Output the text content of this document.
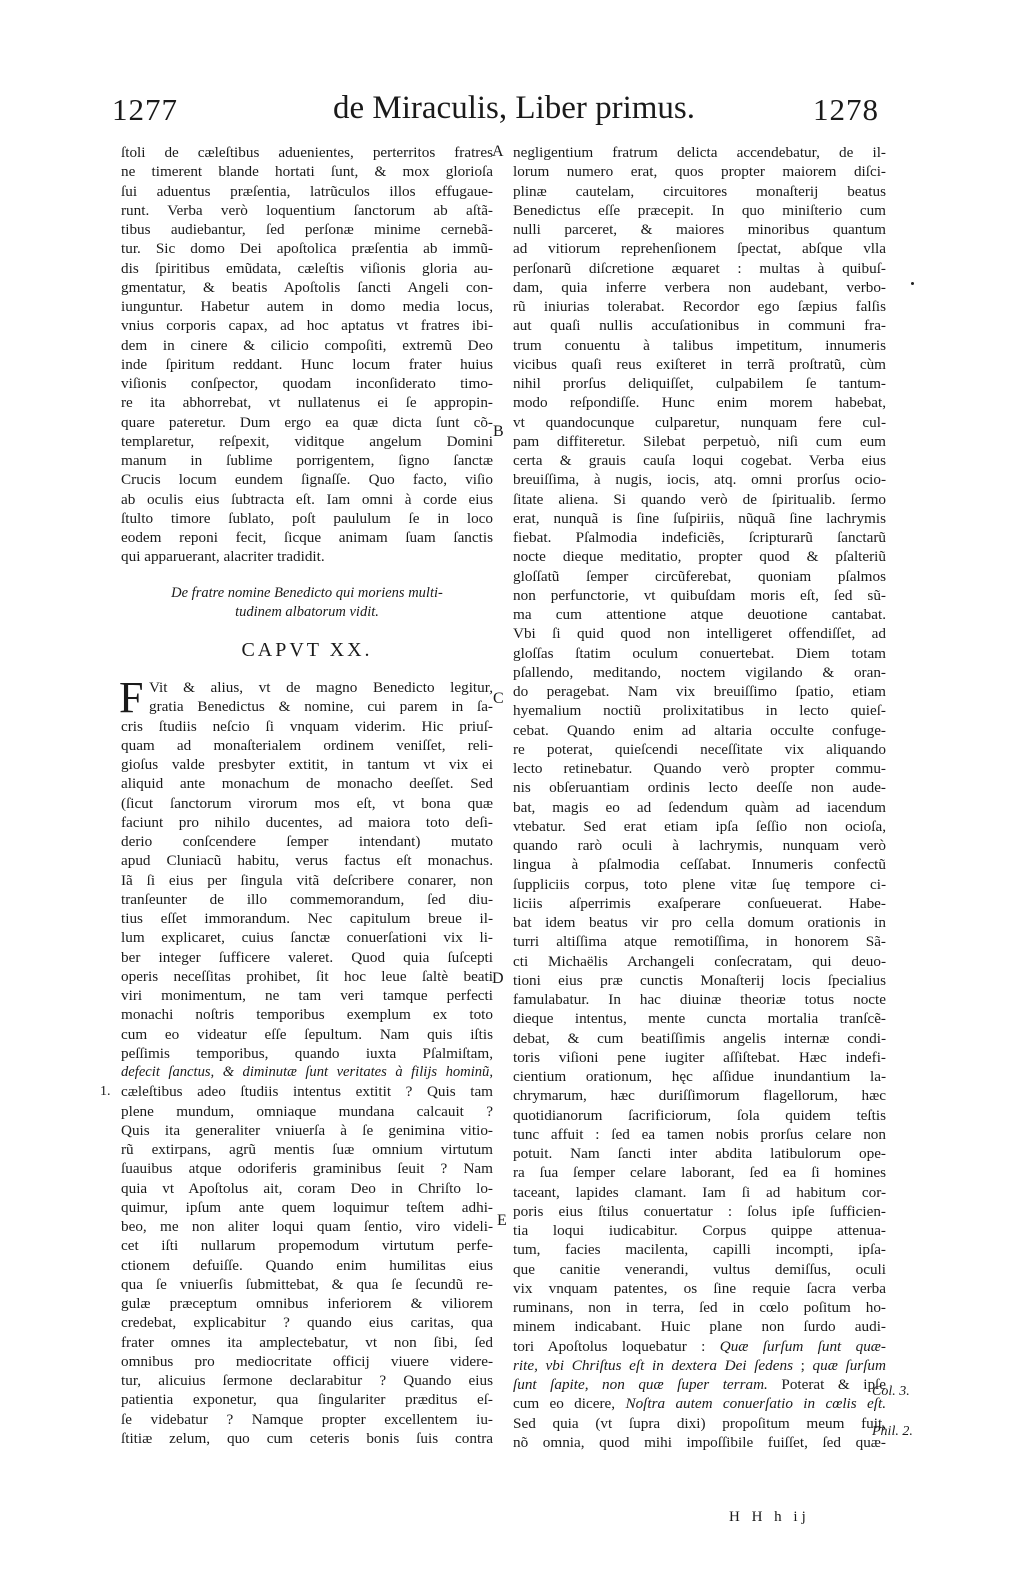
1277	de Miraculis, Liber primus.	1278
ſtoli de cæleſtibus aduenientes, perterritos fratres
ne timerent blande hortati ſunt, & mox glorioſa
ſui aduentus præſentia, latrũculos illos effugaue-
runt. Verba verò loquentium ſanctorum ab aſtã-
tibus audiebantur, ſed perſonæ minime cernebã-
tur. Sic domo Dei apoſtolica præſentia ab immũ-
dis ſpiritibus emũdata, cæleſtis viſionis gloria au-
gmentatur, & beatis Apoſtolis ſancti Angeli con-
iunguntur. Habetur autem in domo media locus,
vnius corporis capax, ad hoc aptatus vt fratres ibi-
dem in cinere & cilicio compoſiti, extremũ Deo
inde ſpiritum reddant. Hunc locum frater huius
viſionis conſpector, quodam inconſiderato timo-
re ita abhorrebat, vt nullatenus ei ſe appropin-
quare pateretur. Dum ergo ea quæ dicta ſunt cõ-
templaretur, reſpexit, viditque angelum Domini
manum in ſublime porrigentem, ſigno ſanctæ
Crucis locum eundem ſignaſſe. Quo facto, viſio
ab oculis eius ſubtracta eſt. Iam omni à corde eius
ſtulto timore ſublato, poſt paululum ſe in loco
eodem reponi fecit, ſicque animam ſuam ſanctis
qui apparuerant, alacriter tradidit.
De fratre nomine Benedicto qui moriens multi-
tudinem albatorum vidit.
CAPVT XX.
F Vit & alius, vt de magno Benedicto legitur,
gratia Benedictus & nomine, cui parem in ſa-
cris ſtudiis neſcio ſi vnquam viderim. Hic priuſ-
quam ad monaſterialem ordinem veniſſet, reli-
gioſus valde presbyter extitit, in tantum vt vix ei
aliquid ante monachum de monacho deeſſet. Sed
(ſicut ſanctorum virorum mos eſt, vt bona quæ
faciunt pro nihilo ducentes, ad maiora toto deſi-
derio conſcendere ſemper intendant) mutato
apud Cluniacũ habitu, verus factus eſt monachus.
Iã ſi eius per ſingula vitã deſcribere conarer, non
tranſeunter de illo commemorandum, ſed diu-
tius eſſet immorandum. Nec capitulum breue il-
lum explicaret, cuius ſanctæ conuerſationi vix li-
ber integer ſufficere valeret. Quod quia ſuſcepti
operis neceſſitas prohibet, ſit hoc leue ſaltè beati
viri monimentum, ne tam veri tamque perfecti
monachi noſtris temporibus exemplum ex toto
cum eo videatur eſſe ſepultum. Nam quis iſtis
peſſimis temporibus, quando iuxta Pſalmiſtam,
defecit ſanctus, & diminutæ ſunt veritates à filijs hominũ,
cæleſtibus adeo ſtudiis intentus extitit ? Quis tam
plene mundum, omniaque mundana calcauit ?
Quis ita generaliter vniuerſa à ſe genimina vitio-
rũ extirpans, agrũ mentis ſuæ omnium virtutum
ſuauibus atque odoriferis graminibus ſeuit ? Nam
quia vt Apoſtolus ait, coram Deo in Chriſto lo-
quimur, ipſum ante quem loquimur teſtem adhi-
beo, me non aliter loqui quam ſentio, viro videli-
cet iſti nullarum propemodum virtutum perfe-
ctionem defuiſſe. Quando enim humilitas eius
qua ſe vniuerſis ſubmittebat, & qua ſe ſecundũ re-
gulæ præceptum omnibus inferiorem & viliorem
credebat, explicabitur ? quando eius caritas, qua
frater omnes ita amplectebatur, vt non ſibi, ſed
omnibus pro mediocritate officij viuere videre-
tur, alicuius ſermone declarabitur ? Quando eius
patientia exponetur, qua ſingulariter præditus eſ-
ſe videbatur ? Namque propter excellentem iu-
ſtitiæ zelum, quo cum ceteris bonis ſuis contra
negligentium fratrum delicta accendebatur, de il-
lorum numero erat, quos propter maiorem diſci-
plinæ cautelam, circuitores monaſterij beatus
Benedictus eſſe præcepit. In quo miniſterio cum
nulli parceret, & maiores minoribus quantum
ad vitiorum reprehenſionem ſpectat, abſque vlla
perſonarũ diſcretione æquaret : multas à quibuſ-
dam, quia inferre verbera non audebant, verbo-
rũ iniurias tolerabat. Recordor ego ſæpius falſis
aut quaſi nullis accuſationibus in communi fra-
trum conuentu à talibus impetitum, innumeris
vicibus quaſi reus exiſteret in terrã proſtratũ, cùm
nihil prorſus deliquiſſet, culpabilem ſe tantum-
modo reſpondiſſe. Hunc enim morem habebat,
vt quandocunque culparetur, nunquam fere cul-
pam diffiteretur. Silebat perpetuò, niſi cum eum
certa & grauis cauſa loqui cogebat. Verba eius
breuiſſima, à nugis, iocis, atq. omni prorſus ocio-
ſitate aliena. Si quando verò de ſpiritualib. ſermo
erat, nunquã is ſine ſuſpiriis, nũquã ſine lachrymis
fiebat. Pſalmodia indeficiẽs, ſcripturarũ ſanctarũ
nocte dieque meditatio, propter quod & pſalteriũ
gloſſatũ ſemper circũferebat, quoniam pſalmos
non perfunctorie, vt quibuſdam moris eſt, ſed sũ-
ma cum attentione atque deuotione cantabat.
Vbi ſi quid quod non intelligeret offendiſſet, ad
gloſſas ſtatim oculum conuertebat. Diem totam
pſallendo, meditando, noctem vigilando & oran-
do peragebat. Nam vix breuiſſimo ſpatio, etiam
hyemalium noctiũ prolixitatibus in lecto quieſ-
cebat. Quando enim ad altaria occulte confuge-
re poterat, quieſcendi neceſſitate vix aliquando
lecto retinebatur. Quando verò propter commu-
nis obſeruantiam ordinis lecto deeſſe non aude-
bat, magis eo ad ſedendum quàm ad iacendum
vtebatur. Sed erat etiam ipſa ſeſſio non ocioſa,
quando rarò oculi à lachrymis, nunquam verò
lingua à pſalmodia ceſſabat. Innumeris confectũ
ſuppliciis corpus, toto plene vitæ ſuę tempore ci-
liciis aſperrimis exaſperare conſueuerat. Habe-
bat idem beatus vir pro cella domum orationis in
turri altiſſima atque remotiſſima, in honorem Sã-
cti Michaëlis Archangeli conſecratam, qui deuo-
tioni eius præ cunctis Monaſterij locis ſpecialius
famulabatur. In hac diuinæ theoriæ totus nocte
dieque intentus, mente cuncta mortalia tranſcẽ-
debat, & cum beatiſſimis angelis internæ condi-
toris viſioni pene iugiter aſſiſtebat. Hæc indefi-
cientium orationum, hęc aſſidue inundantium la-
chrymarum, hæc duriſſimorum flagellorum, hæc
quotidianorum ſacrificiorum, ſola quidem teſtis
tunc affuit : ſed ea tamen nobis prorſus celare non
potuit. Nam ſancti inter abdita latibulorum ope-
ra ſua ſemper celare laborant, ſed ea ſi homines
taceant, lapides clamant. Iam ſi ad habitum cor-
poris eius ſtilus conuertatur : ſolus ipſe ſufficien-
tia loqui iudicabitur. Corpus quippe attenua-
tum, facies macilenta, capilli incompti, ipſa-
que canitie venerandi, vultus demiſſus, oculi
vix vnquam patentes, os ſine requie ſacra verba
ruminans, non in terra, ſed in cœlo poſitum ho-
minem indicabant. Huic plane non ſurdo audi-
tori Apoſtolus loquebatur : Quæ ſurſum ſunt quæ-
rite, vbi Chriſtus eſt in dextera Dei ſedens ; quæ ſurſum
ſunt ſapite, non quæ ſuper terram. Poterat & ipſe
cum eo dicere, Noſtra autem conuerſatio in cœlis eſt.
Sed quia (vt ſupra dixi) propoſitum meum fuit,
nõ omnia, quod mihi impoſſibile fuiſſet, ſed quæ-
A
B
C
D
E
1.
Col. 3.
Phil. 2.
H H h ij
